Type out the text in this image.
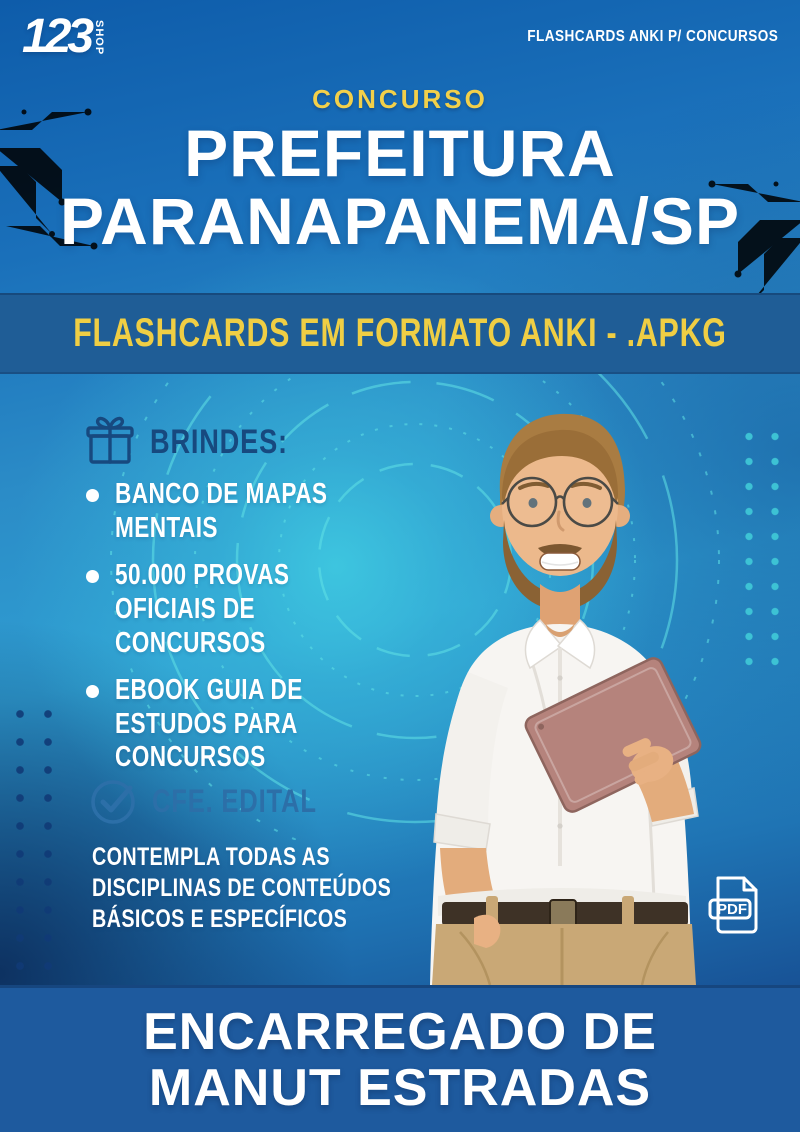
123 SHOP	FLASHCARDS ANKI P/ CONCURSOS
CONCURSO
PREFEITURA
PARANAPANEMA/SP
FLASHCARDS EM FORMATO ANKI - .APKG
BRINDES:
BANCO DE MAPAS MENTAIS
50.000 PROVAS OFICIAIS DE CONCURSOS
EBOOK GUIA DE ESTUDOS PARA CONCURSOS
CFE. EDITAL
CONTEMPLA TODAS AS DISCIPLINAS DE CONTEÚDOS BÁSICOS E ESPECÍFICOS	PDF
ENCARREGADO DE
MANUT ESTRADAS
